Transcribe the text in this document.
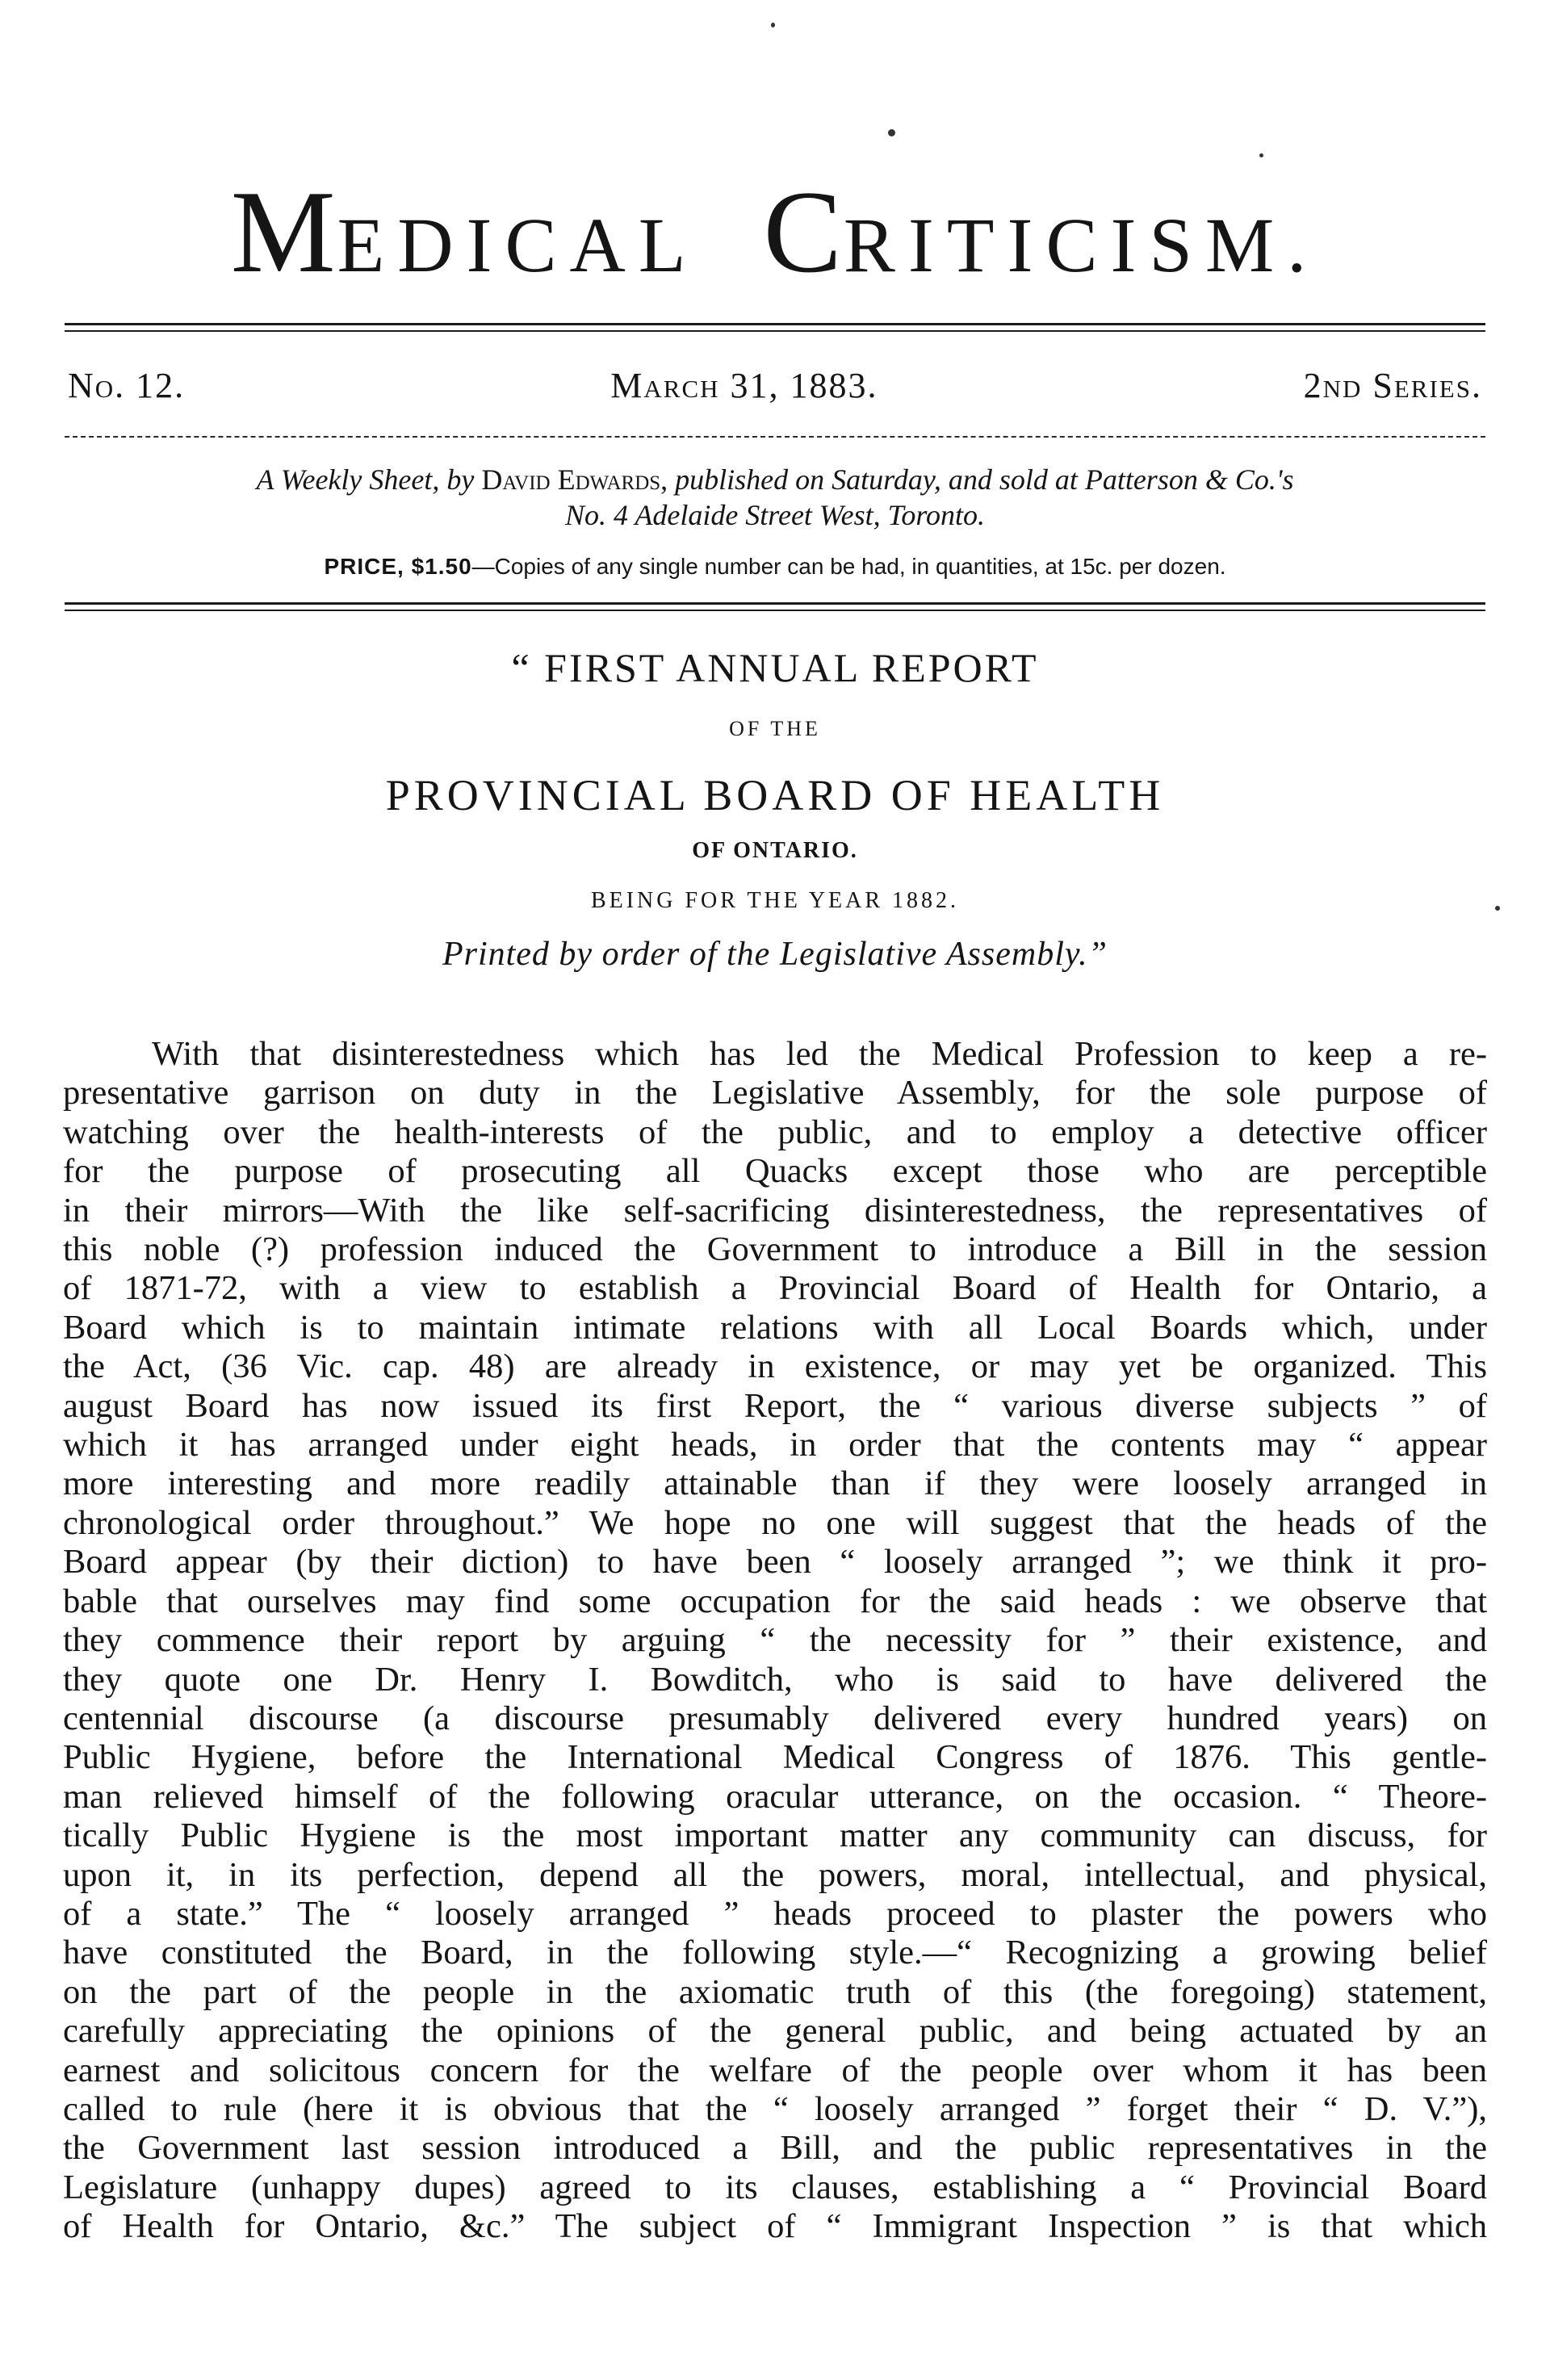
MEDICAL CRITICISM.
No. 12.	March 31, 1883.	2nd Series.
A Weekly Sheet, by David Edwards, published on Saturday, and sold at Patterson & Co.'s
No. 4 Adelaide Street West, Toronto.
PRICE, $1.50—Copies of any single number can be had, in quantities, at 15c. per dozen.
“ FIRST ANNUAL REPORT
OF THE
PROVINCIAL BOARD OF HEALTH
OF ONTARIO.
BEING FOR THE YEAR 1882.
Printed by order of the Legislative Assembly.”
With that disinterestedness which has led the Medical Profession to keep a re-
presentative garrison on duty in the Legislative Assembly, for the sole purpose of
watching over the health-interests of the public, and to employ a detective officer
for the purpose of prosecuting all Quacks except those who are perceptible
in their mirrors—With the like self-sacrificing disinterestedness, the representatives of
this noble (?) profession induced the Government to introduce a Bill in the session
of 1871-72, with a view to establish a Provincial Board of Health for Ontario, a
Board which is to maintain intimate relations with all Local Boards which, under
the Act, (36 Vic. cap. 48) are already in existence, or may yet be organized. This
august Board has now issued its first Report, the “ various diverse subjects ” of
which it has arranged under eight heads, in order that the contents may “ appear
more interesting and more readily attainable than if they were loosely arranged in
chronological order throughout.” We hope no one will suggest that the heads of the
Board appear (by their diction) to have been “ loosely arranged ”; we think it pro-
bable that ourselves may find some occupation for the said heads : we observe that
they commence their report by arguing “ the necessity for ” their existence, and
they quote one Dr. Henry I. Bowditch, who is said to have delivered the
centennial discourse (a discourse presumably delivered every hundred years) on
Public Hygiene, before the International Medical Congress of 1876. This gentle-
man relieved himself of the following oracular utterance, on the occasion. “ Theore-
tically Public Hygiene is the most important matter any community can discuss, for
upon it, in its perfection, depend all the powers, moral, intellectual, and physical,
of a state.” The “ loosely arranged ” heads proceed to plaster the powers who
have constituted the Board, in the following style.—“ Recognizing a growing belief
on the part of the people in the axiomatic truth of this (the foregoing) statement,
carefully appreciating the opinions of the general public, and being actuated by an
earnest and solicitous concern for the welfare of the people over whom it has been
called to rule (here it is obvious that the “ loosely arranged ” forget their “ D. V.”),
the Government last session introduced a Bill, and the public representatives in the
Legislature (unhappy dupes) agreed to its clauses, establishing a “ Provincial Board
of Health for Ontario, &c.” The subject of “ Immigrant Inspection ” is that which
